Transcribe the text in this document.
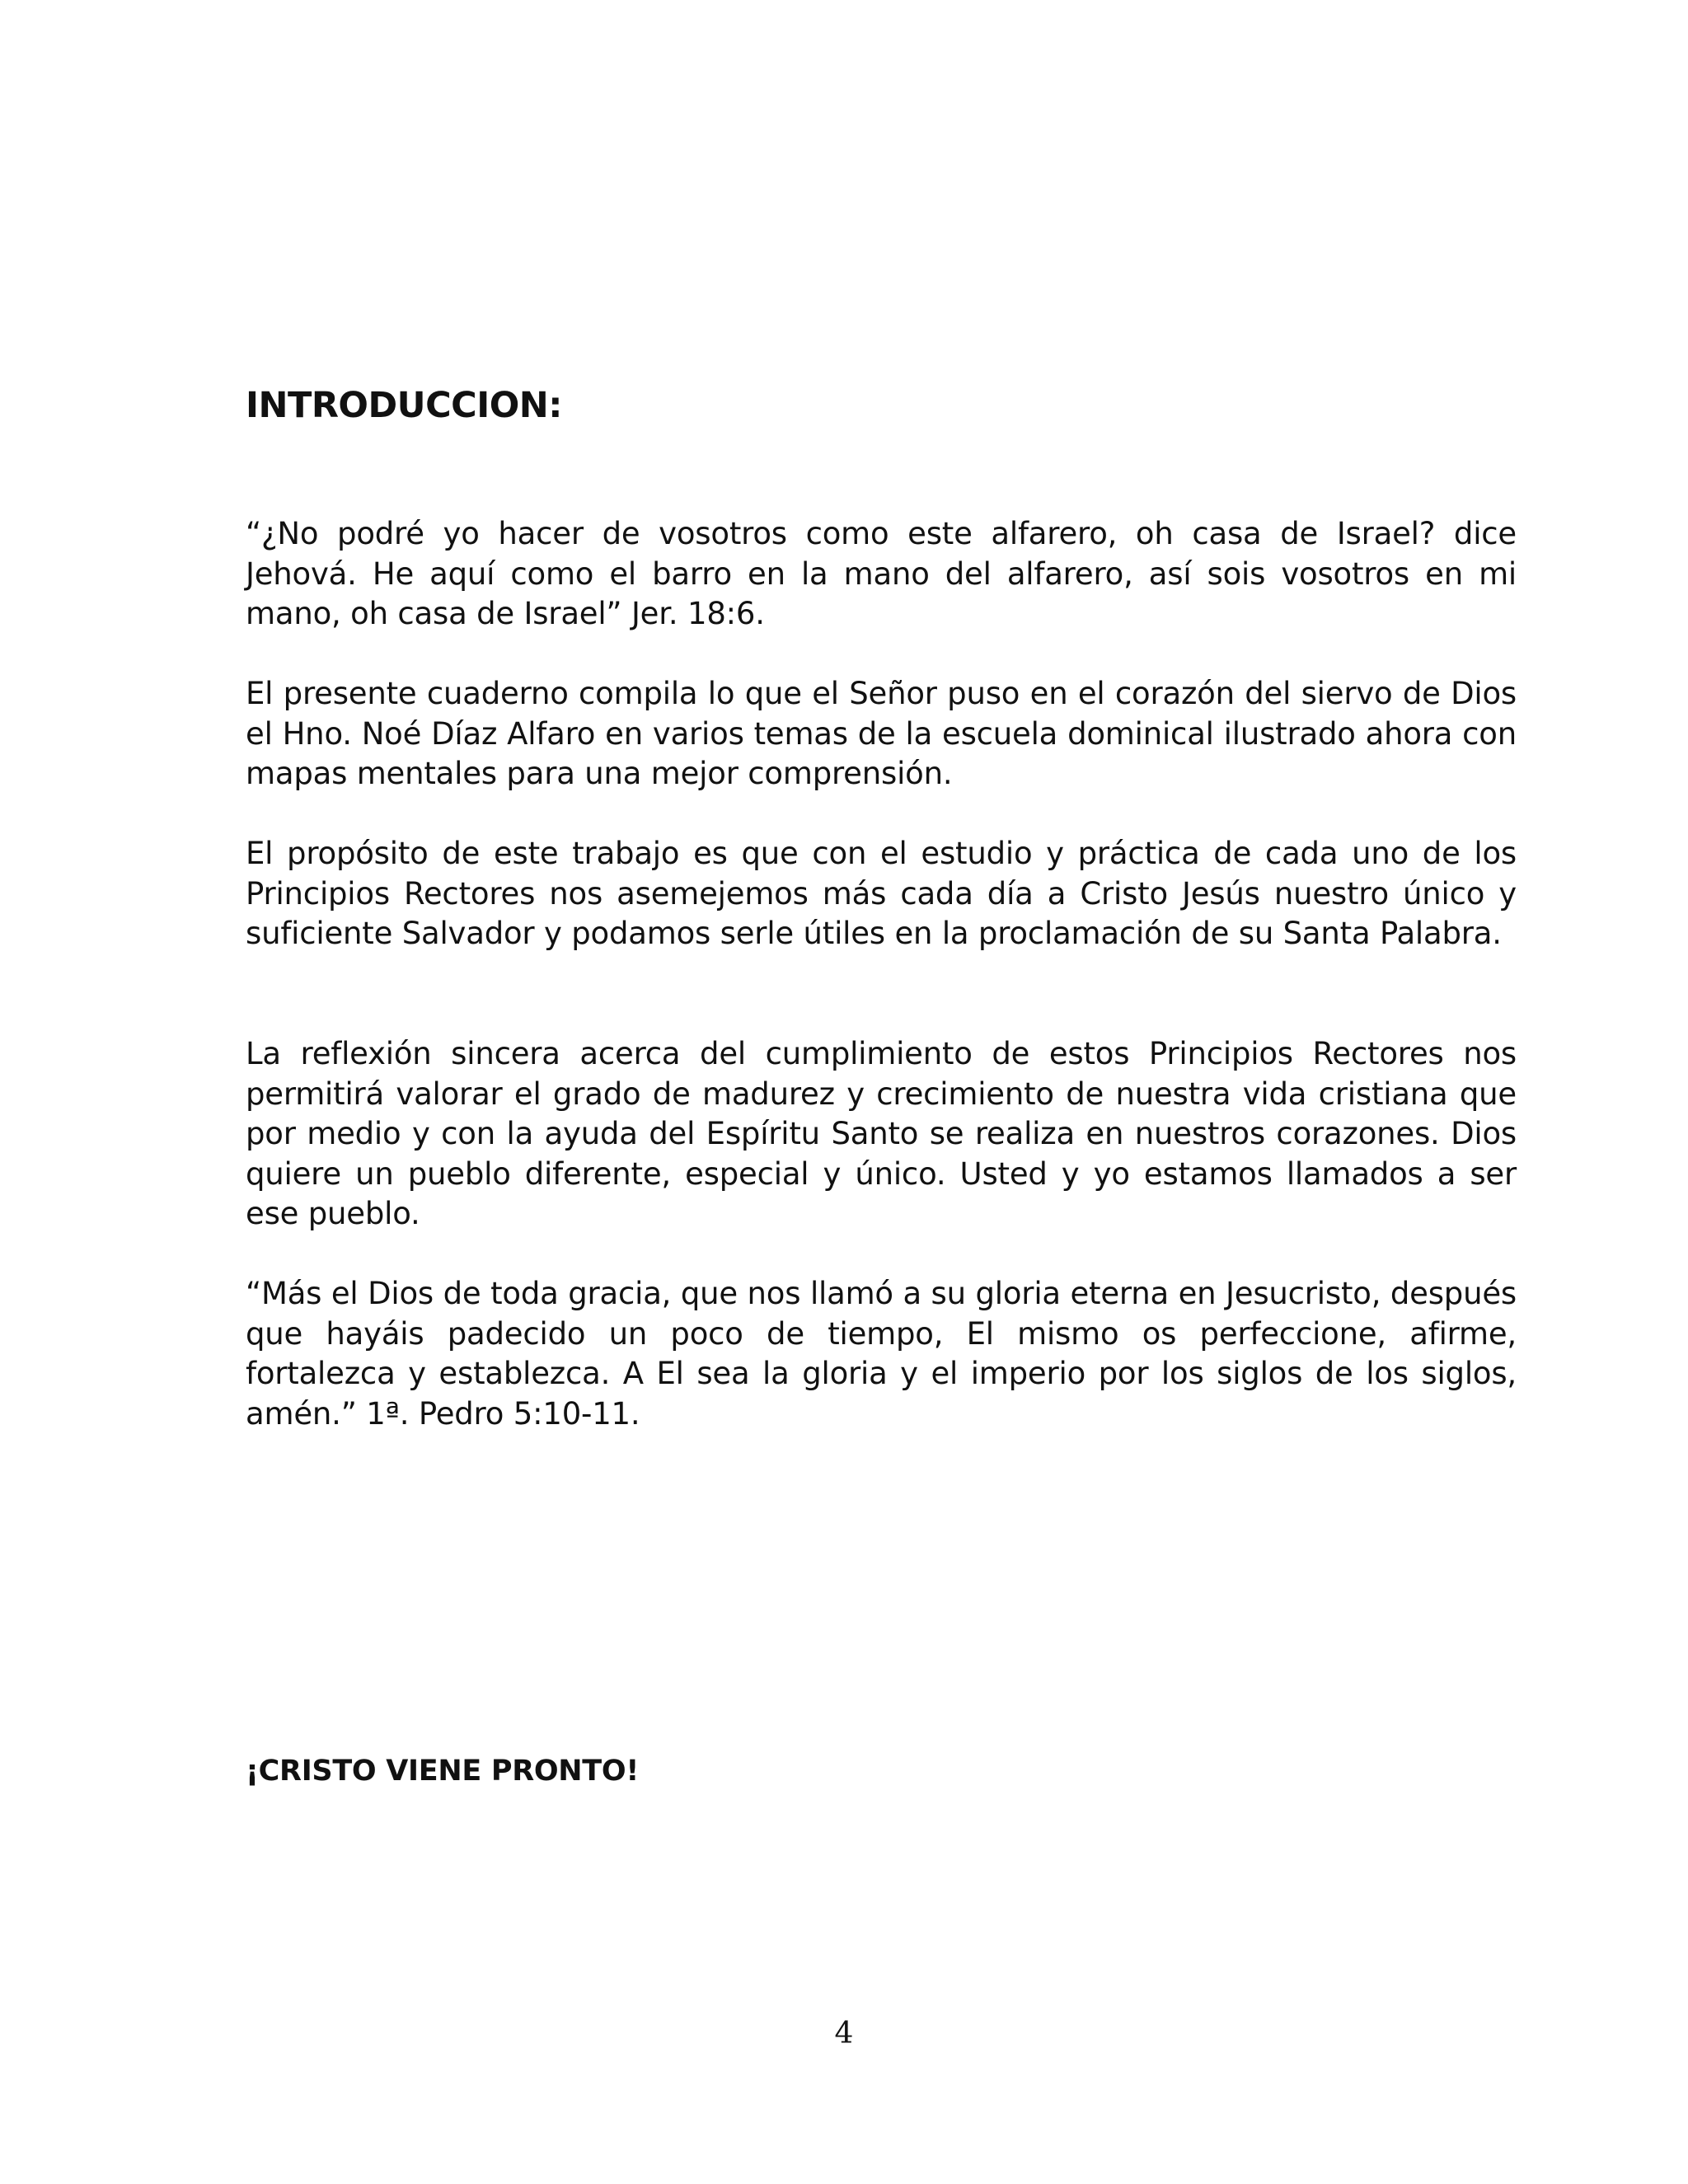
INTRODUCCION:

“¿No podré yo hacer de vosotros como este alfarero, oh casa de Israel? dice Jehová. He aquí como el barro en la mano del alfarero, así sois vosotros en mi mano, oh casa de Israel” Jer. 18:6.

El presente cuaderno compila lo que el Señor puso en el corazón del siervo de Dios el Hno. Noé Díaz Alfaro en varios temas de la escuela dominical ilustrado ahora con mapas mentales para una mejor comprensión.

El propósito de este trabajo es que con el estudio y práctica de cada uno de los Principios Rectores nos asemejemos más cada día a Cristo Jesús nuestro único y suficiente Salvador y podamos serle útiles en la proclamación de su Santa Palabra.

La reflexión sincera acerca del cumplimiento de estos Principios Rectores nos permitirá valorar el grado de madurez y crecimiento de nuestra vida cristiana que por medio y con la ayuda del Espíritu Santo se realiza en nuestros corazones. Dios quiere un pueblo diferente, especial y único. Usted y yo estamos llamados a ser ese pueblo.

“Más el Dios de toda gracia, que nos llamó a su gloria eterna en Jesucristo, después que hayáis padecido un poco de tiempo, El mismo os perfeccione, afirme, fortalezca y establezca. A El sea la gloria y el imperio por los siglos de los siglos, amén.” 1ª. Pedro 5:10-11.

¡CRISTO VIENE PRONTO!

4
